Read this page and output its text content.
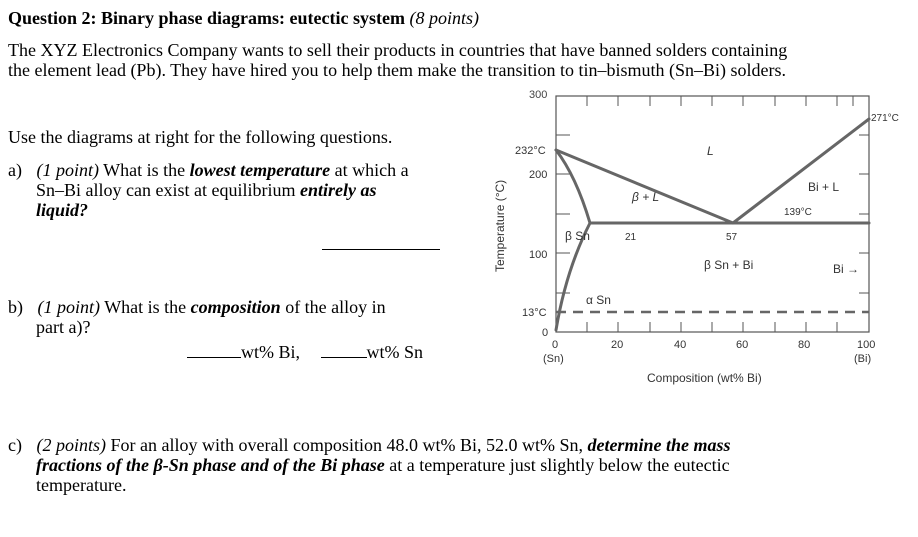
Question 2: Binary phase diagrams: eutectic system (8 points)
The XYZ Electronics Company wants to sell their products in countries that have banned solders containing
the element lead (Pb). They have hired you to help them make the transition to tin–bismuth (Sn–Bi) solders.
Use the diagrams at right for the following questions.
a) (1 point) What is the lowest temperature at which a
Sn–Bi alloy can exist at equilibrium entirely as
liquid?
b) (1 point) What is the composition of the alloy in
part a)?
wt% Bi,	wt% Sn
c) (2 points) For an alloy with overall composition 48.0 wt% Bi, 52.0 wt% Sn, determine the mass
fractions of the β-Sn phase and of the Bi phase at a temperature just slightly below the eutectic
temperature.
300
232°C
200
100
13°C
0
Temperature (°C)
0	20	40	60	80	100
(Sn)	(Bi)
Composition (wt% Bi)
271°C
139°C
21	57
L
β + L
Bi + L
β Sn
β Sn + Bi	Bi →
α Sn
